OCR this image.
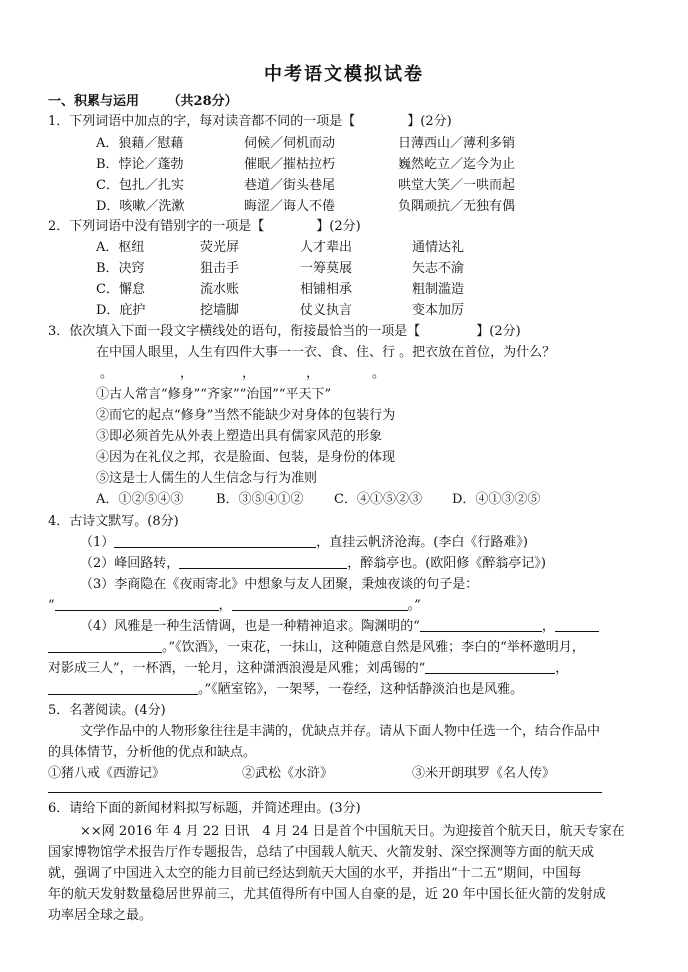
中考语文模拟试卷
一、积累与运用 （共28分）
1．下列词语中加点的字，每对读音都不同的一项是【	】(2分)
A．狼藉／慰藉	伺候／伺机而动	日薄西山／薄利多销
B．悖论／蓬勃	催眠／摧枯拉朽	巍然屹立／迄今为止
C．包扎／扎实	巷道／街头巷尾	哄堂大笑／一哄而起
D．咳嗽／洗漱	晦涩／诲人不倦	负隅顽抗／无独有偶
2．下列词语中没有错别字的一项是【	】(2分)
A．枢纽	荧光屏	人才辈出	通情达礼
B．决窍	狙击手	一筹莫展	矢志不渝
C．懈怠	流水账	相铺相承	粗制滥造
D．庇护	挖墙脚	仗义执言	变本加厉
3．依次填入下面一段文字横线处的语句，衔接最恰当的一项是【	】(2分)
在中国人眼里，人生有四件大事一一衣、食、住、行 。把衣放在首位，为什么？
。	，	，	，	。
①古人常言“修身”“齐家”“治国”“平天下”
②而它的起点“修身”当然不能缺少对身体的包装行为
③即必须首先从外表上塑造出具有儒家风范的形象
④因为在礼仪之邦，衣是脸面、包装，是身份的体现
⑤这是士人儒生的人生信念与行为准则
A．①②⑤④③	B．③⑤④①② C．④①⑤②③ D．④①③②⑤
4．古诗文默写。(8分)
（1）	，直挂云帆济沧海。(李白《行路难》)
（2）峰回路转，	，醉翁亭也。(欧阳修《醉翁亭记》)
（3）李商隐在《夜雨寄北》中想象与友人团聚，秉烛夜谈的句子是：
“	，	。”
（4）风雅是一种生活情调，也是一种精神追求。陶渊明的“	，
。”《饮酒》，一束花，一抹山，这种随意自然是风雅；李白的“举杯邀明月，
对影成三人”，一杯酒，一轮月，这种潇洒浪漫是风雅；刘禹锡的“	，
。”《陋室铭》，一架琴，一卷经，这种恬静淡泊也是风雅。
5．名著阅读。(4分)
文学作品中的人物形象往往是丰满的，优缺点并存。请从下面人物中任选一个，结合作品中
的具体情节，分析他的优点和缺点。
①猪八戒《西游记》	②武松《水浒》	③米开朗琪罗《名人传》
6．请给下面的新闻材料拟写标题，并简述理由。(3分)
××网 2016 年 4 月 22 日讯　4 月 24 日是首个中国航天日。为迎接首个航天日，航天专家在
国家博物馆学术报告厅作专题报告，总结了中国载人航天、火箭发射、深空探测等方面的航天成
就，强调了中国进入太空的能力目前已经达到航天大国的水平，并指出“十二五”期间，中国每
年的航天发射数量稳居世界前三，尤其值得所有中国人自豪的是，近 20 年中国长征火箭的发射成
功率居全球之最。
